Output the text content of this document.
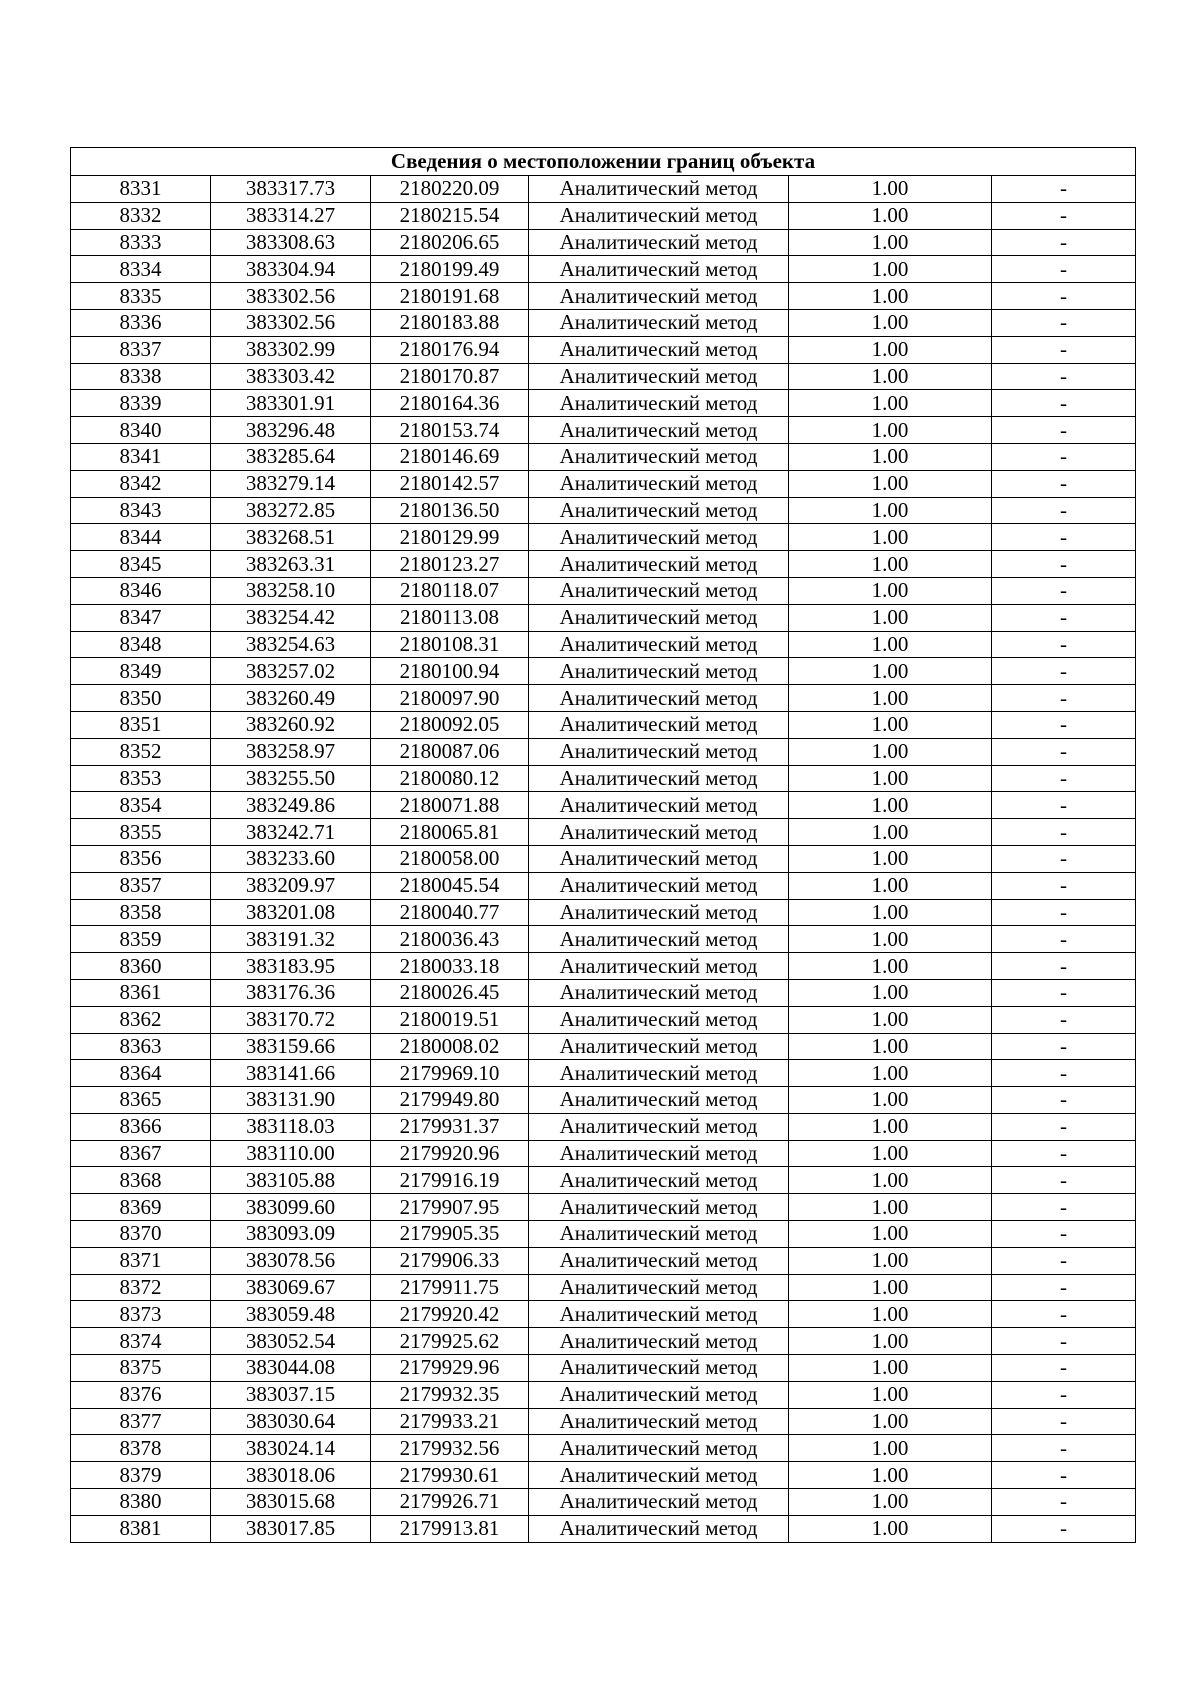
Сведения о местоположении границ объекта					
8331	383317.73	2180220.09	Аналитический метод	1.00	-
8332	383314.27	2180215.54	Аналитический метод	1.00	-
8333	383308.63	2180206.65	Аналитический метод	1.00	-
8334	383304.94	2180199.49	Аналитический метод	1.00	-
8335	383302.56	2180191.68	Аналитический метод	1.00	-
8336	383302.56	2180183.88	Аналитический метод	1.00	-
8337	383302.99	2180176.94	Аналитический метод	1.00	-
8338	383303.42	2180170.87	Аналитический метод	1.00	-
8339	383301.91	2180164.36	Аналитический метод	1.00	-
8340	383296.48	2180153.74	Аналитический метод	1.00	-
8341	383285.64	2180146.69	Аналитический метод	1.00	-
8342	383279.14	2180142.57	Аналитический метод	1.00	-
8343	383272.85	2180136.50	Аналитический метод	1.00	-
8344	383268.51	2180129.99	Аналитический метод	1.00	-
8345	383263.31	2180123.27	Аналитический метод	1.00	-
8346	383258.10	2180118.07	Аналитический метод	1.00	-
8347	383254.42	2180113.08	Аналитический метод	1.00	-
8348	383254.63	2180108.31	Аналитический метод	1.00	-
8349	383257.02	2180100.94	Аналитический метод	1.00	-
8350	383260.49	2180097.90	Аналитический метод	1.00	-
8351	383260.92	2180092.05	Аналитический метод	1.00	-
8352	383258.97	2180087.06	Аналитический метод	1.00	-
8353	383255.50	2180080.12	Аналитический метод	1.00	-
8354	383249.86	2180071.88	Аналитический метод	1.00	-
8355	383242.71	2180065.81	Аналитический метод	1.00	-
8356	383233.60	2180058.00	Аналитический метод	1.00	-
8357	383209.97	2180045.54	Аналитический метод	1.00	-
8358	383201.08	2180040.77	Аналитический метод	1.00	-
8359	383191.32	2180036.43	Аналитический метод	1.00	-
8360	383183.95	2180033.18	Аналитический метод	1.00	-
8361	383176.36	2180026.45	Аналитический метод	1.00	-
8362	383170.72	2180019.51	Аналитический метод	1.00	-
8363	383159.66	2180008.02	Аналитический метод	1.00	-
8364	383141.66	2179969.10	Аналитический метод	1.00	-
8365	383131.90	2179949.80	Аналитический метод	1.00	-
8366	383118.03	2179931.37	Аналитический метод	1.00	-
8367	383110.00	2179920.96	Аналитический метод	1.00	-
8368	383105.88	2179916.19	Аналитический метод	1.00	-
8369	383099.60	2179907.95	Аналитический метод	1.00	-
8370	383093.09	2179905.35	Аналитический метод	1.00	-
8371	383078.56	2179906.33	Аналитический метод	1.00	-
8372	383069.67	2179911.75	Аналитический метод	1.00	-
8373	383059.48	2179920.42	Аналитический метод	1.00	-
8374	383052.54	2179925.62	Аналитический метод	1.00	-
8375	383044.08	2179929.96	Аналитический метод	1.00	-
8376	383037.15	2179932.35	Аналитический метод	1.00	-
8377	383030.64	2179933.21	Аналитический метод	1.00	-
8378	383024.14	2179932.56	Аналитический метод	1.00	-
8379	383018.06	2179930.61	Аналитический метод	1.00	-
8380	383015.68	2179926.71	Аналитический метод	1.00	-
8381	383017.85	2179913.81	Аналитический метод	1.00	-
